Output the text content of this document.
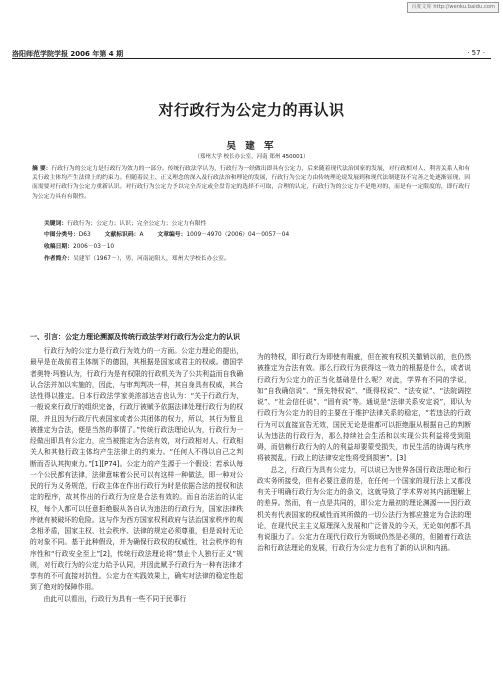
百度文库 http://wenku.baidu.com
洛阳师范学院学报 2006 年第 4 期	· 57 ·
对行政行为公定力的再认识
吴 建 军
（郑州大学 校长办公室，河南 郑州 450001）
摘 要：行政行为的公定力是行政行为效力的一部分。传统行政法学认为，行政行为一经做出即具有公定力，后来随着现代法治国家的发展，对行政相对人、利害关系人和有关行政主体均产生法律上的约束力。但随着民主、正义理念的深入及行政法治和理论的发展，行政行为公定力由传统理论说发展到和现代法制建设不完善之处逐渐显现，因而需要对行政行为公定力重新认识。对行政行为公定力予以完全否定或全盘肯定的选择不可取，合理的认定，行政行为的公定力不是绝对的，而是有一定限度的，即行政行为公定力具有有限性。
关键词：行政行为；公定力；认识；完全公定力；公定力有限性
中图分类号：D63 文献标识码：A 文章编号：1009－4970（2006）04－0057－04
收稿日期：2006－03－10
作者简介：吴建军（1967－），男，河南泌阳人，郑州大学校长办公室。

一、引言：公定力理论溯源及传统行政法学对行政行为公定力的认识

行政行为的公定力是行政行为效力的一方面。公定力理论的提出，最早是在战前君主体制下的德国，其根据是国家或君主的权威。德国学者奥特·玛雅认为，行政行为是有权限的行政机关为了公共利益而自我确认合法并加以实施的，因此，与审判判决一样，其自身具有权威，其合法性得以推定。日本行政法学家美浓部达吉也认为：“关于行政行为，一般说来行政厅的组织完备，行政厅被赋予依据法律处理行政行为的权限，并且因为行政厅代表国家或者公共团体的权力，所以，其行为暂且被推定为合法，便是当然的事情了。”传统行政法理论认为，行政行为一经做出即具有公定力，应当被推定为合法有效，对行政相对人、行政相关人和其他行政主体均产生法律上的约束力。“任何人不得以自己之判断而否认其拘束力。”[1][P74]。公定力的产生源于一个假设：若承认每一个公民都有法律，法律意味着公民可以有这样一种做法，即一种对公民的行为义务规范，行政主体在作出行政行为时是依据合法的授权和法定的程序，故其作出的行政行为应是合法有效的。而自治法治的认定权，每个人都可以任意拒绝服从各自认为违法的行政行为，国家法律秩序就有被破坏的危险。这与作为西方国家权利政府与法治国家秩序的观念相矛盾，国家主权、社会秩序、法律的规定必须尊重，但是说时无论的对象不同。基于此种假设，并为确保行政权的权威性，社会秩序的有序性和“行政安全至上”[2]，传统行政法理论将“禁止个人独行正义”规则，对行政行为的公定力给予认同，并因此赋予行政行为一种有法律才享有的不可直接对抗性。公定力在实践效果上，确实对法律的稳定性起到了绝对的保障作用。

由此可以看出，行政行为具有一些不同于民事行

为的特权，即行政行为即使有瑕疵，但在被有权机关撤销以前，也仍然被推定为合法有效。那么行政行为获得这一效力的根据是什么，或者说行政行为公定力的正当化基础是什么呢？对此，学界有不同的学说，如“自我确信说”、“预先特权说”、“既得权说”、“法安说”、“法院调控说”、“社会信任说”、“固有说”等。通说是“法律关系安定说”，即认为行政行为公定力的目的主要在于维护法律关系的稳定，“若违法的行政行为可以直接宣告无效，国民无论是谁都可以拒绝服从根据自己的判断认为违法的行政行为，那么持续社会生活和以实现公共利益将受到阻碍，而信赖行政行为的人的利益却要蒙受损失，市民生活的协调与秩序将被搅乱，行政上的法律安定性将受到损害”。[3]

总之，行政行为具有公定力，可以说已为世界各国行政法理论和行政实务所接受，但有必要注意的是，在任何一个国家的现行法上又都没有关于明确行政行为公定力的条文，这就导致了学术界对其内涵理解上的差异。然而，有一点是共同的，即公定力最初的理论渊源——因行政机关有代表国家的权威性而其所做的一切公法行为都应推定为合法的理论，在现代民主主义原理深入发展和广泛普及的今天，无论如何都不具有说服力了。公定力在现代行政行为领域仍然是必须的，但随着行政法治和行政法理论的发展，行政行为公定力也有了新的认识和内涵。
